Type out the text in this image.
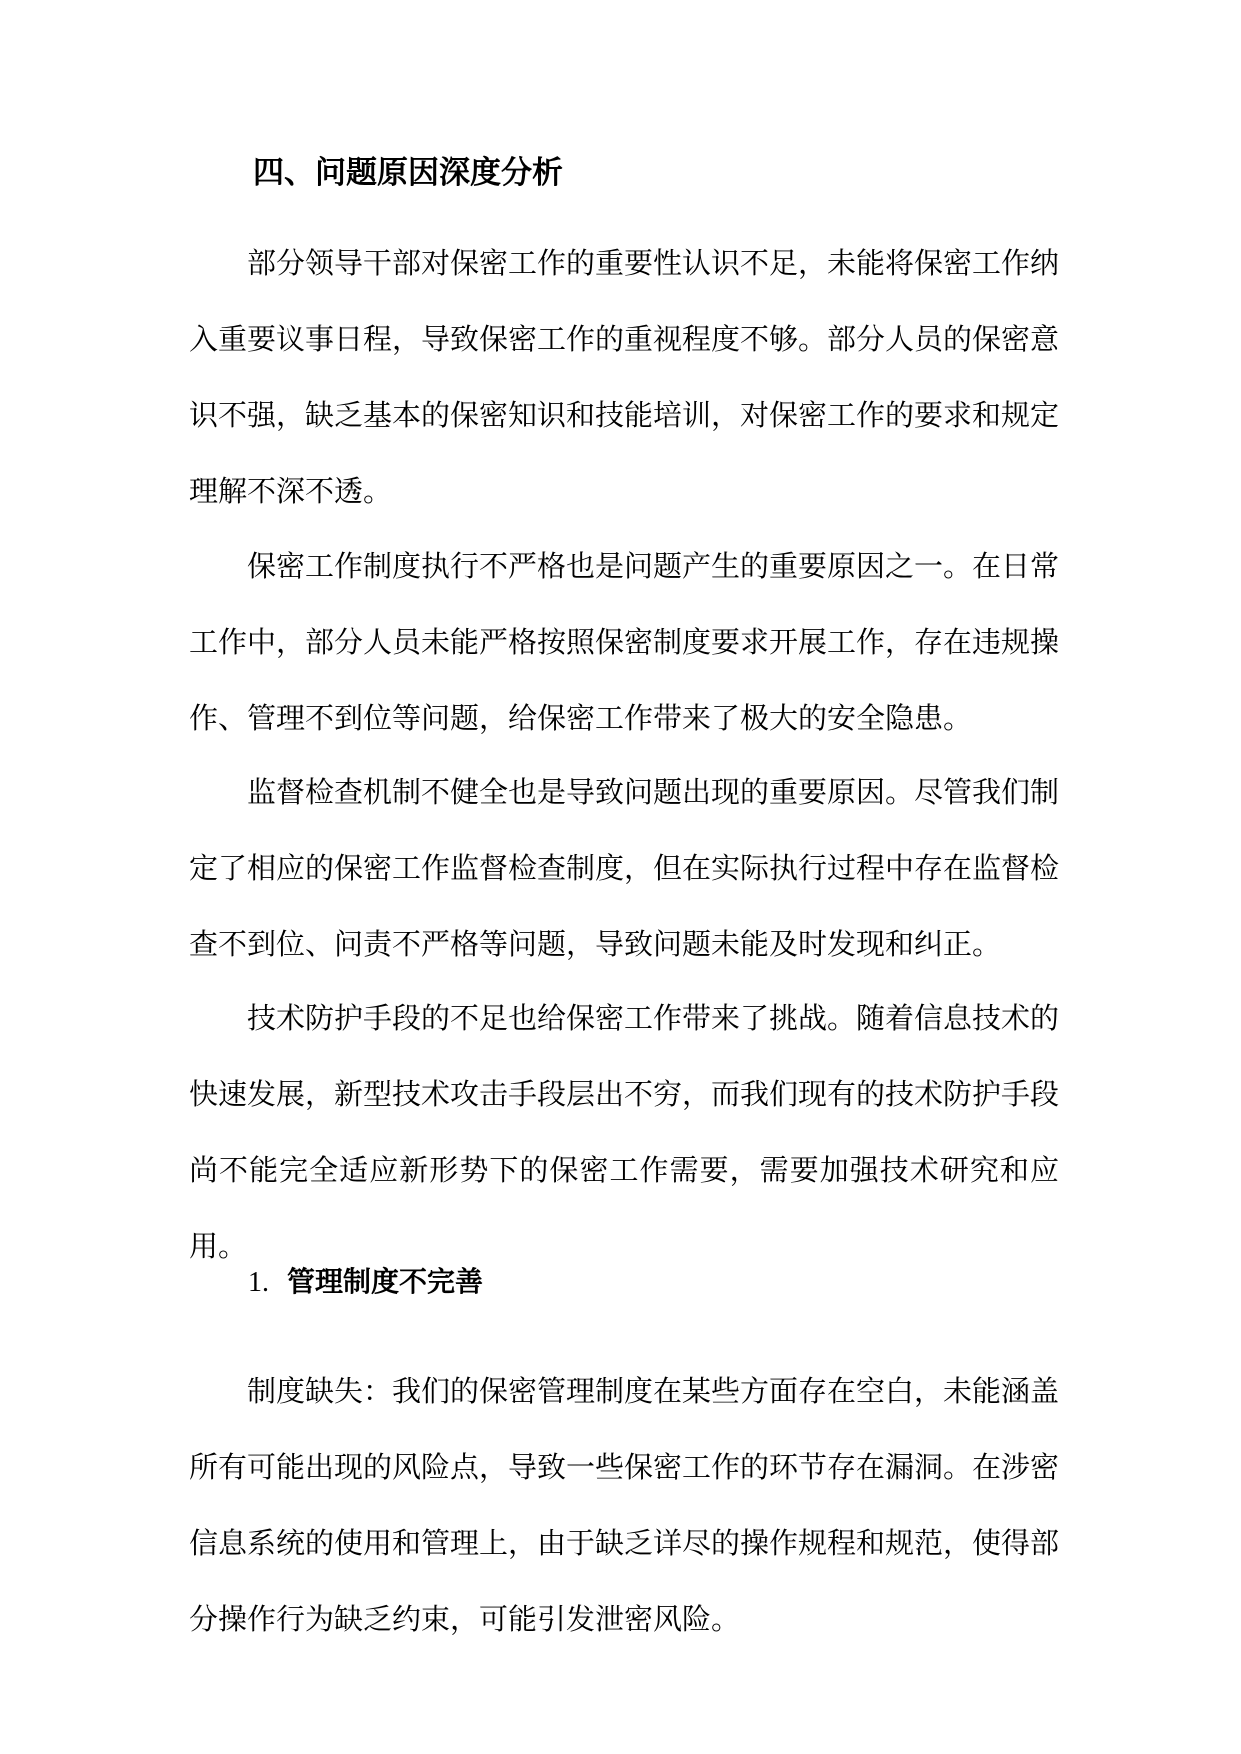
四、问题原因深度分析

部分领导干部对保密工作的重要性认识不足，未能将保密工作纳入重要议事日程，导致保密工作的重视程度不够。部分人员的保密意识不强，缺乏基本的保密知识和技能培训，对保密工作的要求和规定理解不深不透。

保密工作制度执行不严格也是问题产生的重要原因之一。在日常工作中，部分人员未能严格按照保密制度要求开展工作，存在违规操作、管理不到位等问题，给保密工作带来了极大的安全隐患。

监督检查机制不健全也是导致问题出现的重要原因。尽管我们制定了相应的保密工作监督检查制度，但在实际执行过程中存在监督检查不到位、问责不严格等问题，导致问题未能及时发现和纠正。

技术防护手段的不足也给保密工作带来了挑战。随着信息技术的快速发展，新型技术攻击手段层出不穷，而我们现有的技术防护手段尚不能完全适应新形势下的保密工作需要，需要加强技术研究和应用。

1. 管理制度不完善

制度缺失：我们的保密管理制度在某些方面存在空白，未能涵盖所有可能出现的风险点，导致一些保密工作的环节存在漏洞。在涉密信息系统的使用和管理上，由于缺乏详尽的操作规程和规范，使得部分操作行为缺乏约束，可能引发泄密风险。
